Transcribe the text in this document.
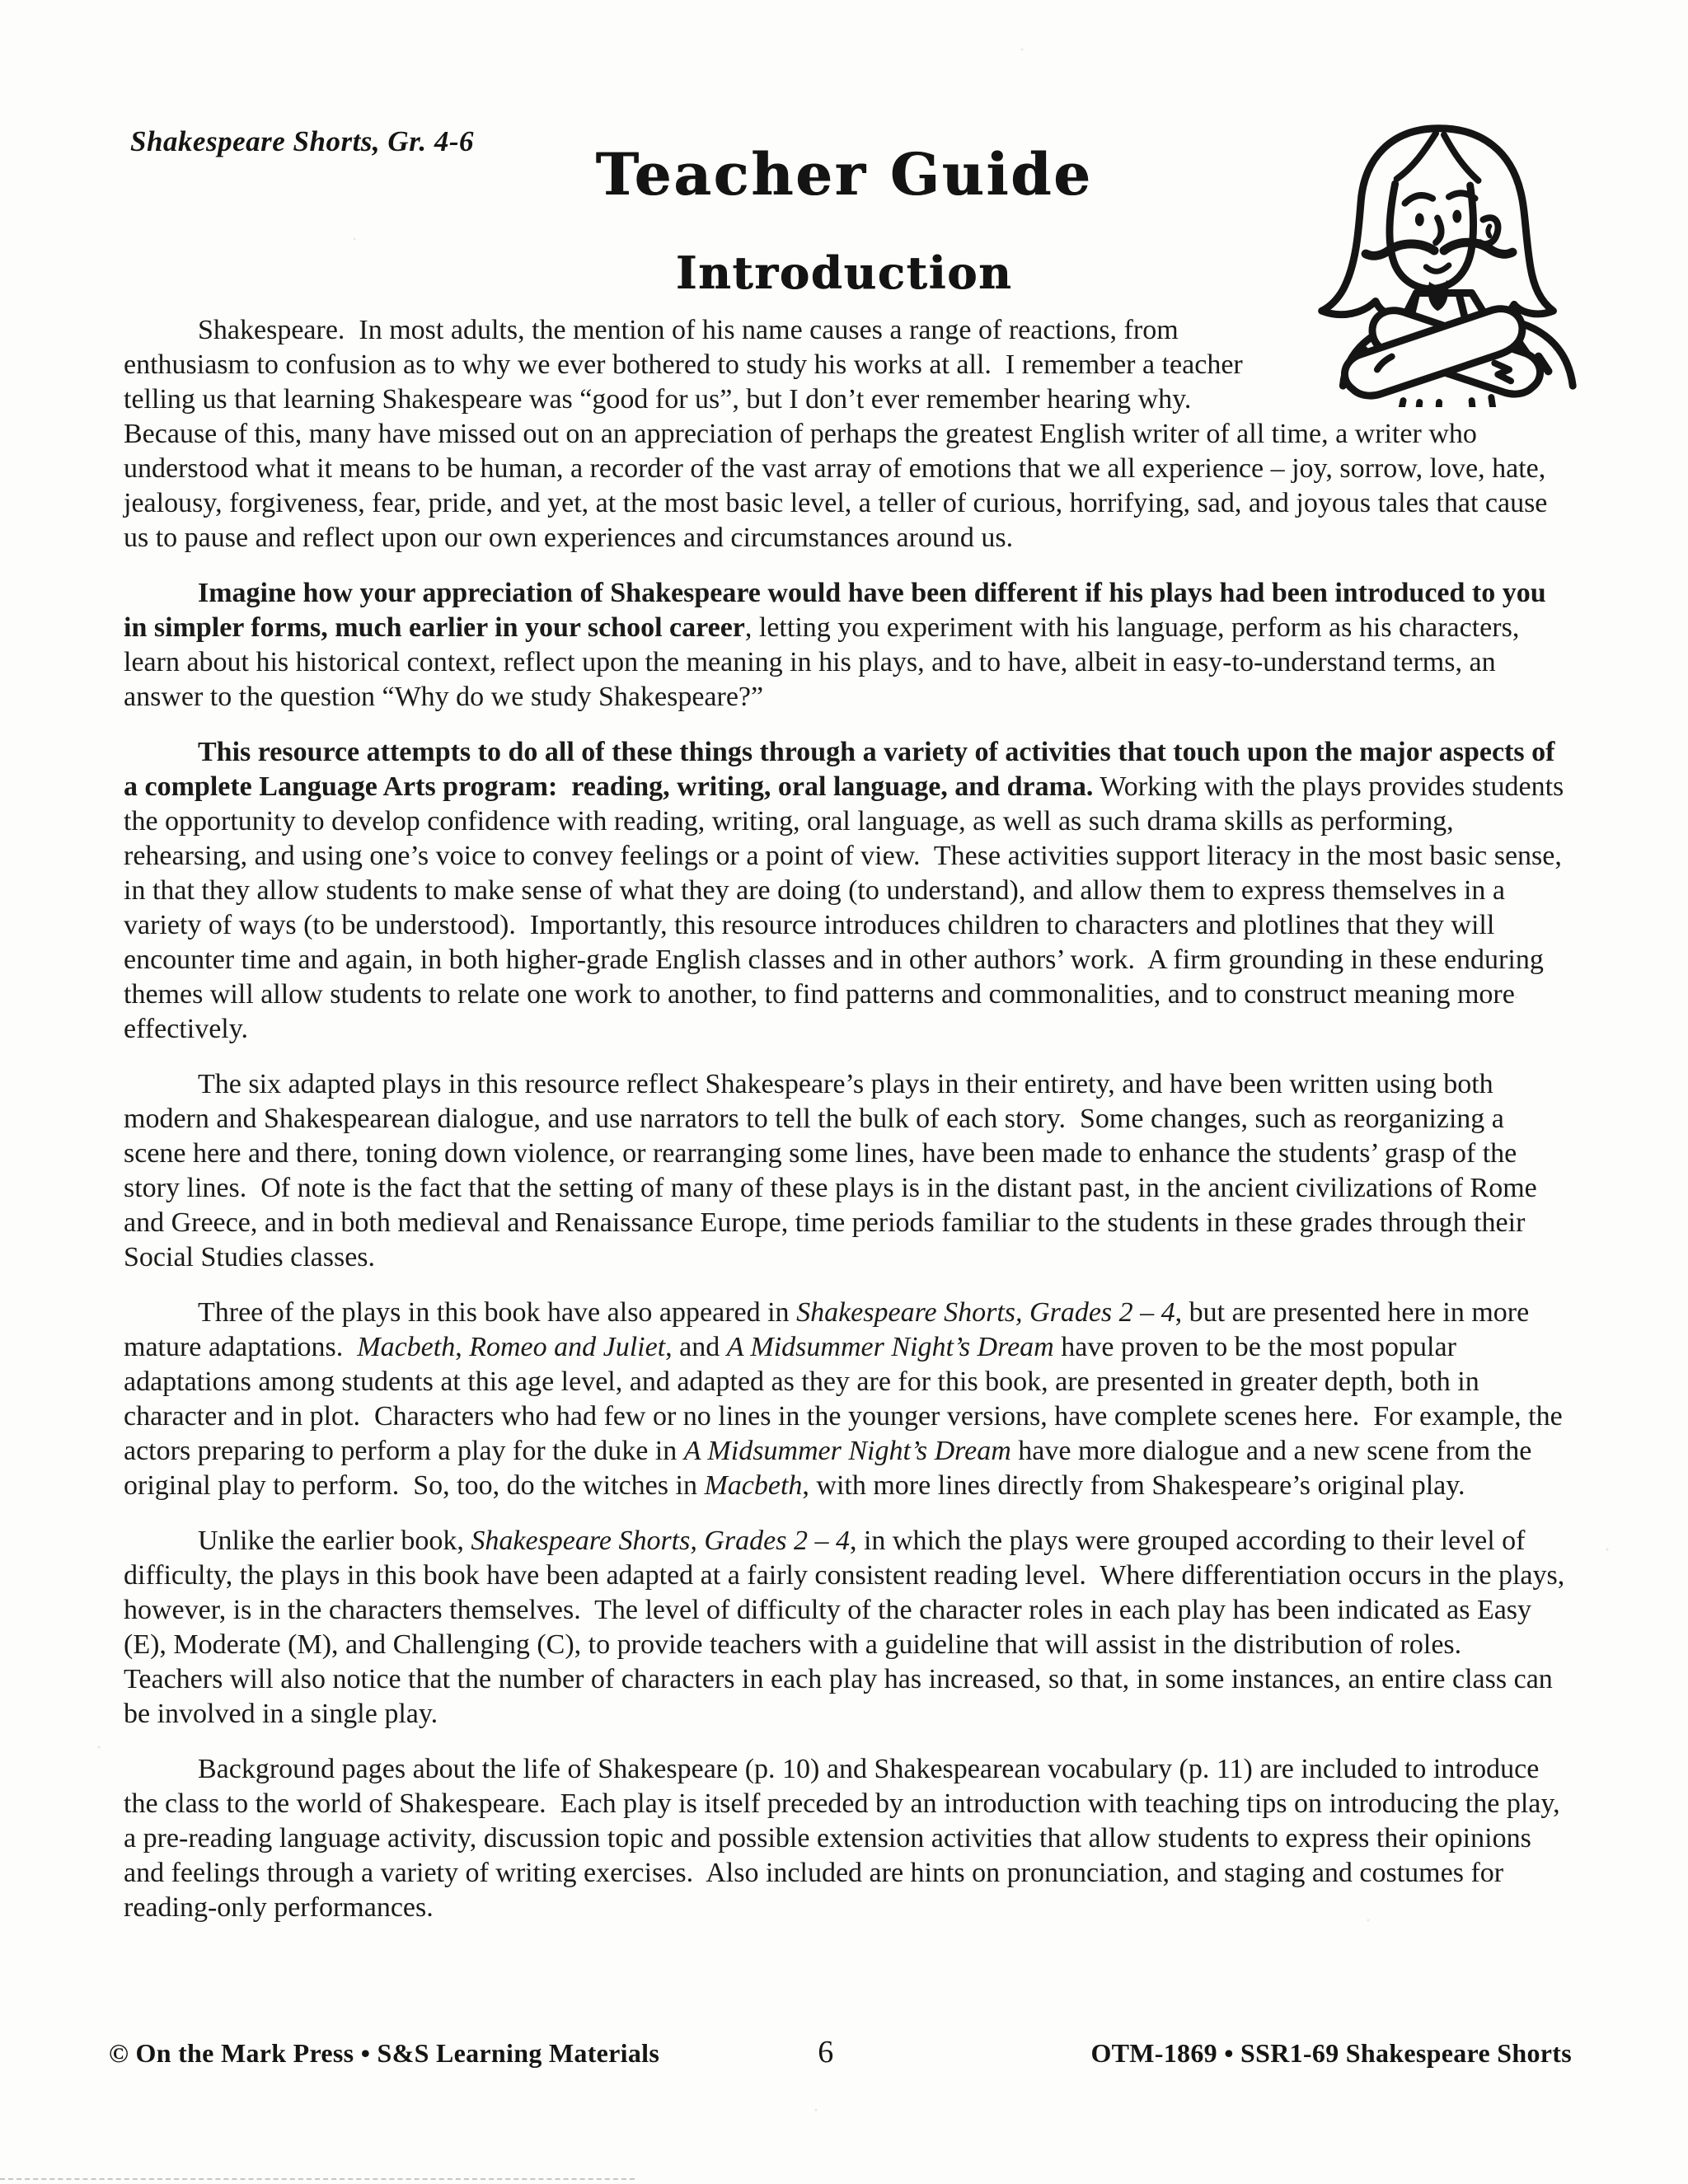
Shakespeare Shorts, Gr. 4-6	Teacher Guide
Introduction

Shakespeare.  In most adults, the mention of his name causes a range of reactions, from enthusiasm to confusion as to why we ever bothered to study his works at all.  I remember a teacher telling us that learning Shakespeare was “good for us”, but I don’t ever remember hearing why.  Because of this, many have missed out on an appreciation of perhaps the greatest English writer of all time, a writer who understood what it means to be human, a recorder of the vast array of emotions that we all experience – joy, sorrow, love, hate, jealousy, forgiveness, fear, pride, and yet, at the most basic level, a teller of curious, horrifying, sad, and joyous tales that cause us to pause and reflect upon our own experiences and circumstances around us.

Imagine how your appreciation of Shakespeare would have been different if his plays had been introduced to you in simpler forms, much earlier in your school career, letting you experiment with his language, perform as his characters, learn about his historical context, reflect upon the meaning in his plays, and to have, albeit in easy-to-understand terms, an answer to the question “Why do we study Shakespeare?”

This resource attempts to do all of these things through a variety of activities that touch upon the major aspects of a complete Language Arts program:  reading, writing, oral language, and drama. Working with the plays provides students the opportunity to develop confidence with reading, writing, oral language, as well as such drama skills as performing, rehearsing, and using one’s voice to convey feelings or a point of view.  These activities support literacy in the most basic sense, in that they allow students to make sense of what they are doing (to understand), and allow them to express themselves in a variety of ways (to be understood).  Importantly, this resource introduces children to characters and plotlines that they will encounter time and again, in both higher-grade English classes and in other authors’ work.  A firm grounding in these enduring themes will allow students to relate one work to another, to find patterns and commonalities, and to construct meaning more effectively.

The six adapted plays in this resource reflect Shakespeare’s plays in their entirety, and have been written using both modern and Shakespearean dialogue, and use narrators to tell the bulk of each story.  Some changes, such as reorganizing a scene here and there, toning down violence, or rearranging some lines, have been made to enhance the students’ grasp of the story lines.  Of note is the fact that the setting of many of these plays is in the distant past, in the ancient civilizations of Rome and Greece, and in both medieval and Renaissance Europe, time periods familiar to the students in these grades through their Social Studies classes.

Three of the plays in this book have also appeared in Shakespeare Shorts, Grades 2 – 4, but are presented here in more mature adaptations.  Macbeth, Romeo and Juliet, and A Midsummer Night’s Dream have proven to be the most popular adaptations among students at this age level, and adapted as they are for this book, are presented in greater depth, both in character and in plot.  Characters who had few or no lines in the younger versions, have complete scenes here.  For example, the actors preparing to perform a play for the duke in A Midsummer Night’s Dream have more dialogue and a new scene from the original play to perform.  So, too, do the witches in Macbeth, with more lines directly from Shakespeare’s original play.

Unlike the earlier book, Shakespeare Shorts, Grades 2 – 4, in which the plays were grouped according to their level of difficulty, the plays in this book have been adapted at a fairly consistent reading level.  Where differentiation occurs in the plays, however, is in the characters themselves.  The level of difficulty of the character roles in each play has been indicated as Easy (E), Moderate (M), and Challenging (C), to provide teachers with a guideline that will assist in the distribution of roles.  Teachers will also notice that the number of characters in each play has increased, so that, in some instances, an entire class can be involved in a single play.

Background pages about the life of Shakespeare (p. 10) and Shakespearean vocabulary (p. 11) are included to introduce the class to the world of Shakespeare.  Each play is itself preceded by an introduction with teaching tips on introducing the play, a pre-reading language activity, discussion topic and possible extension activities that allow students to express their opinions and feelings through a variety of writing exercises.  Also included are hints on pronunciation, and staging and costumes for reading-only performances.

© On the Mark Press • S&S Learning Materials	6	OTM-1869 • SSR1-69 Shakespeare Shorts
